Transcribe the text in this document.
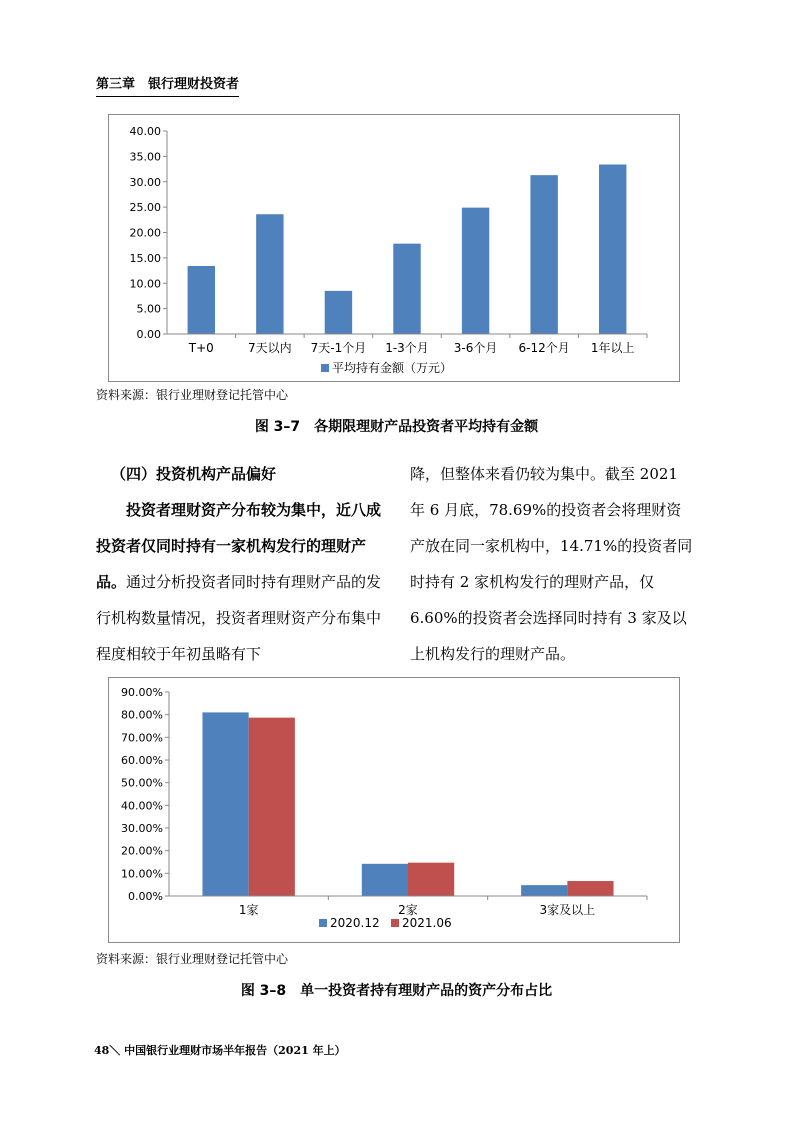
第三章　银行理财投资者
0.00
5.00
10.00
15.00
20.00
25.00
30.00
35.00
40.00
T+0	7天以内 7天-1个月 1-3个月 3-6个月 6-12个月 1年以上
平均持有金额（万元）
资料来源：银行业理财登记托管中心
图 3–7　各期限理财产品投资者平均持有金额

（四）投资机构产品偏好

投资者理财资产分布较为集中，近八成投资者仅同时持有一家机构发行的理财产品。通过分析投资者同时持有理财产品的发行机构数量情况，投资者理财资产分布集中程度相较于年初虽略有下

降，但整体来看仍较为集中。截至 2021 年 6 月底，78.69%的投资者会将理财资产放在同一家机构中，14.71%的投资者同时持有 2 家机构发行的理财产品，仅 6.60%的投资者会选择同时持有 3 家及以上机构发行的理财产品。

0.00%
10.00%
20.00%
30.00%
40.00%
50.00%
60.00%
70.00%
80.00%
90.00%
1家	2家	3家及以上
2020.12 2021.06
资料来源：银行业理财登记托管中心
图 3–8　单一投资者持有理财产品的资产分布占比
48＼ 中国银行业理财市场半年报告（2021 年上）
